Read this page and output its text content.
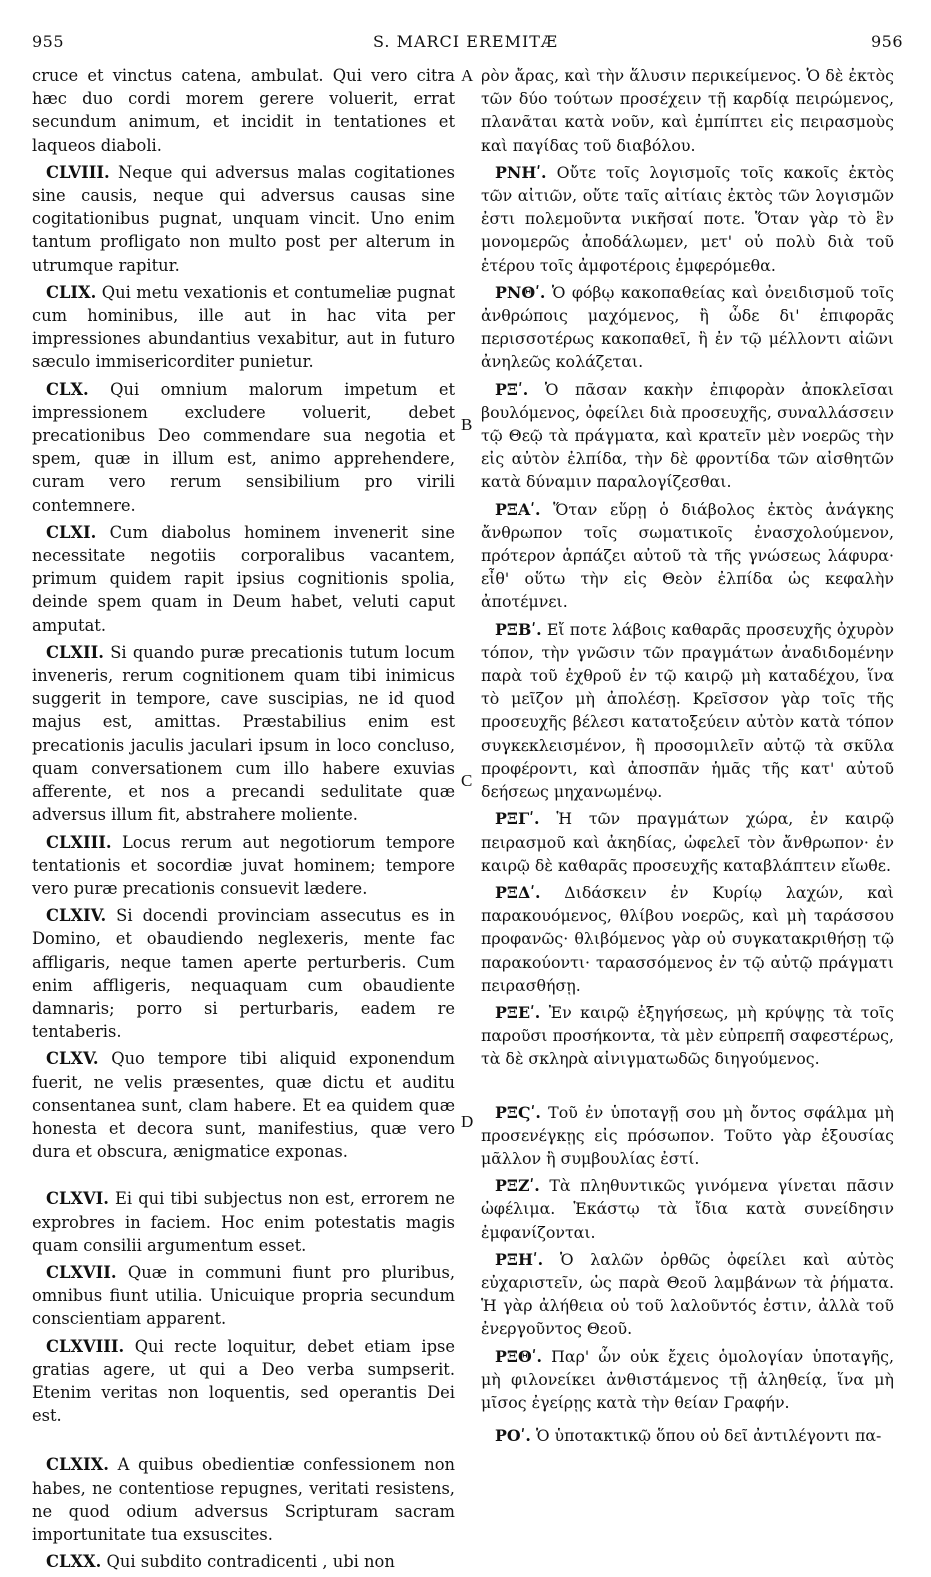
955	S. MARCI EREMITÆ	956
A
B
C
D

cruce et vinctus catena, ambulat. Qui vero citra hæc duo cordi morem gerere voluerit, errat secundum animum, et incidit in tentationes et laqueos diaboli.

CLVIII. Neque qui adversus malas cogitationes sine causis, neque qui adversus causas sine cogitationibus pugnat, unquam vincit. Uno enim tantum profligato non multo post per alterum in utrumque rapitur.

CLIX. Qui metu vexationis et contumeliæ pugnat cum hominibus, ille aut in hac vita per impressiones abundantius vexabitur, aut in futuro sæculo immisericorditer punietur.

CLX. Qui omnium malorum impetum et impressionem excludere voluerit, debet precationibus Deo commendare sua negotia et spem, quæ in illum est, animo apprehendere, curam vero rerum sensibilium pro virili contemnere.

CLXI. Cum diabolus hominem invenerit sine necessitate negotiis corporalibus vacantem, primum quidem rapit ipsius cognitionis spolia, deinde spem quam in Deum habet, veluti caput amputat.

CLXII. Si quando puræ precationis tutum locum inveneris, rerum cognitionem quam tibi inimicus suggerit in tempore, cave suscipias, ne id quod majus est, amittas. Præstabilius enim est precationis jaculis jaculari ipsum in loco concluso, quam conversationem cum illo habere exuvias afferente, et nos a precandi sedulitate quæ adversus illum fit, abstrahere moliente.

CLXIII. Locus rerum aut negotiorum tempore tentationis et socordiæ juvat hominem; tempore vero puræ precationis consuevit lædere.

CLXIV. Si docendi provinciam assecutus es in Domino, et obaudiendo neglexeris, mente fac affligaris, neque tamen aperte perturberis. Cum enim affligeris, nequaquam cum obaudiente damnaris; porro si perturbaris, eadem re tentaberis.

CLXV. Quo tempore tibi aliquid exponendum fuerit, ne velis præsentes, quæ dictu et auditu consentanea sunt, clam habere. Et ea quidem quæ honesta et decora sunt, manifestius, quæ vero dura et obscura, ænigmatice exponas.

CLXVI. Ei qui tibi subjectus non est, errorem ne exprobres in faciem. Hoc enim potestatis magis quam consilii argumentum esset.

CLXVII. Quæ in communi fiunt pro pluribus, omnibus fiunt utilia. Unicuique propria secundum conscientiam apparent.

CLXVIII. Qui recte loquitur, debet etiam ipse gratias agere, ut qui a Deo verba sumpserit. Etenim veritas non loquentis, sed operantis Dei est.

CLXIX. A quibus obedientiæ confessionem non habes, ne contentiose repugnes, veritati resistens, ne quod odium adversus Scripturam sacram importunitate tua exsuscites.

CLXX. Qui subdito contradicenti , ubi non

ρὸν ἄρας, καὶ τὴν ἅλυσιν περικείμενος. Ὁ δὲ ἐκτὸς τῶν δύο τούτων προσέχειν τῇ καρδίᾳ πειρώμενος, πλανᾶται κατὰ νοῦν, καὶ ἐμπίπτει εἰς πειρασμοὺς καὶ παγίδας τοῦ διαβόλου.

ΡΝΗʹ. Οὔτε τοῖς λογισμοῖς τοῖς κακοῖς ἐκτὸς τῶν αἰτιῶν, οὔτε ταῖς αἰτίαις ἐκτὸς τῶν λογισμῶν ἐστι πολεμοῦντα νικῆσαί ποτε. Ὅταν γὰρ τὸ ἓν μονομερῶς ἀποδάλωμεν, μετ' οὐ πολὺ διὰ τοῦ ἑτέρου τοῖς ἀμφοτέροις ἐμφερόμεθα.

ΡΝΘʹ. Ὁ φόβῳ κακοπαθείας καὶ ὀνειδισμοῦ τοῖς ἀνθρώποις μαχόμενος, ἢ ὧδε δι' ἐπιφορᾶς περισσοτέρως κακοπαθεῖ, ἢ ἐν τῷ μέλλοντι αἰῶνι ἀνηλεῶς κολάζεται.

ΡΞʹ. Ὁ πᾶσαν κακὴν ἐπιφορὰν ἀποκλεῖσαι βουλόμενος, ὀφείλει διὰ προσευχῆς, συναλλάσσειν τῷ Θεῷ τὰ πράγματα, καὶ κρατεῖν μὲν νοερῶς τὴν εἰς αὐτὸν ἐλπίδα, τὴν δὲ φροντίδα τῶν αἰσθητῶν κατὰ δύναμιν παραλογίζεσθαι.

ΡΞΑʹ. Ὅταν εὕρῃ ὁ διάβολος ἐκτὸς ἀνάγκης ἄνθρωπον τοῖς σωματικοῖς ἐνασχολούμενον, πρότερον ἁρπάζει αὐτοῦ τὰ τῆς γνώσεως λάφυρα· εἶθ' οὕτω τὴν εἰς Θεὸν ἐλπίδα ὡς κεφαλὴν ἀποτέμνει.

ΡΞΒʹ. Εἴ ποτε λάβοις καθαρᾶς προσευχῆς ὀχυρὸν τόπον, τὴν γνῶσιν τῶν πραγμάτων ἀναδιδομένην παρὰ τοῦ ἐχθροῦ ἐν τῷ καιρῷ μὴ καταδέχου, ἵνα τὸ μεῖζον μὴ ἀπολέσῃ. Κρεῖσσον γὰρ τοῖς τῆς προσευχῆς βέλεσι κατατοξεύειν αὐτὸν κατὰ τόπον συγκεκλεισμένον, ἢ προσομιλεῖν αὐτῷ τὰ σκῦλα προφέροντι, καὶ ἀποσπᾶν ἡμᾶς τῆς κατ' αὐτοῦ δεήσεως μηχανωμένῳ.

ΡΞΓʹ. Ἡ τῶν πραγμάτων χώρα, ἐν καιρῷ πειρασμοῦ καὶ ἀκηδίας, ὠφελεῖ τὸν ἄνθρωπον· ἐν καιρῷ δὲ καθαρᾶς προσευχῆς καταβλάπτειν εἴωθε.

ΡΞΔʹ. Διδάσκειν ἐν Κυρίῳ λαχών, καὶ παρακουόμενος, θλίβου νοερῶς, καὶ μὴ ταράσσου προφανῶς· θλιβόμενος γὰρ οὐ συγκατακριθήσῃ τῷ παρακούοντι· ταρασσόμενος ἐν τῷ αὐτῷ πράγματι πειρασθήσῃ.

ΡΞΕʹ. Ἐν καιρῷ ἐξηγήσεως, μὴ κρύψῃς τὰ τοῖς παροῦσι προσήκοντα, τὰ μὲν εὐπρεπῆ σαφεστέρως, τὰ δὲ σκληρὰ αἰνιγματωδῶς διηγούμενος.

ΡΞϚʹ. Τοῦ ἐν ὑποταγῇ σου μὴ ὄντος σφάλμα μὴ προσενέγκῃς εἰς πρόσωπον. Τοῦτο γὰρ ἐξουσίας μᾶλλον ἢ συμβουλίας ἐστί.

ΡΞΖʹ. Τὰ πληθυντικῶς γινόμενα γίνεται πᾶσιν ὠφέλιμα. Ἑκάστῳ τὰ ἴδια κατὰ συνείδησιν ἐμφανίζονται.

ΡΞΗʹ. Ὁ λαλῶν ὀρθῶς ὀφείλει καὶ αὐτὸς εὐχαριστεῖν, ὡς παρὰ Θεοῦ λαμβάνων τὰ ῥήματα. Ἡ γὰρ ἀλήθεια οὐ τοῦ λαλοῦντός ἐστιν, ἀλλὰ τοῦ ἐνεργοῦντος Θεοῦ.

ΡΞΘʹ. Παρ' ὧν οὐκ ἔχεις ὁμολογίαν ὑποταγῆς, μὴ φιλονείκει ἀνθιστάμενος τῇ ἀληθείᾳ, ἵνα μὴ μῖσος ἐγείρῃς κατὰ τὴν θείαν Γραφήν.

ΡΟʹ. Ὁ ὑποτακτικῷ ὅπου οὐ δεῖ ἀντιλέγοντι πα-
